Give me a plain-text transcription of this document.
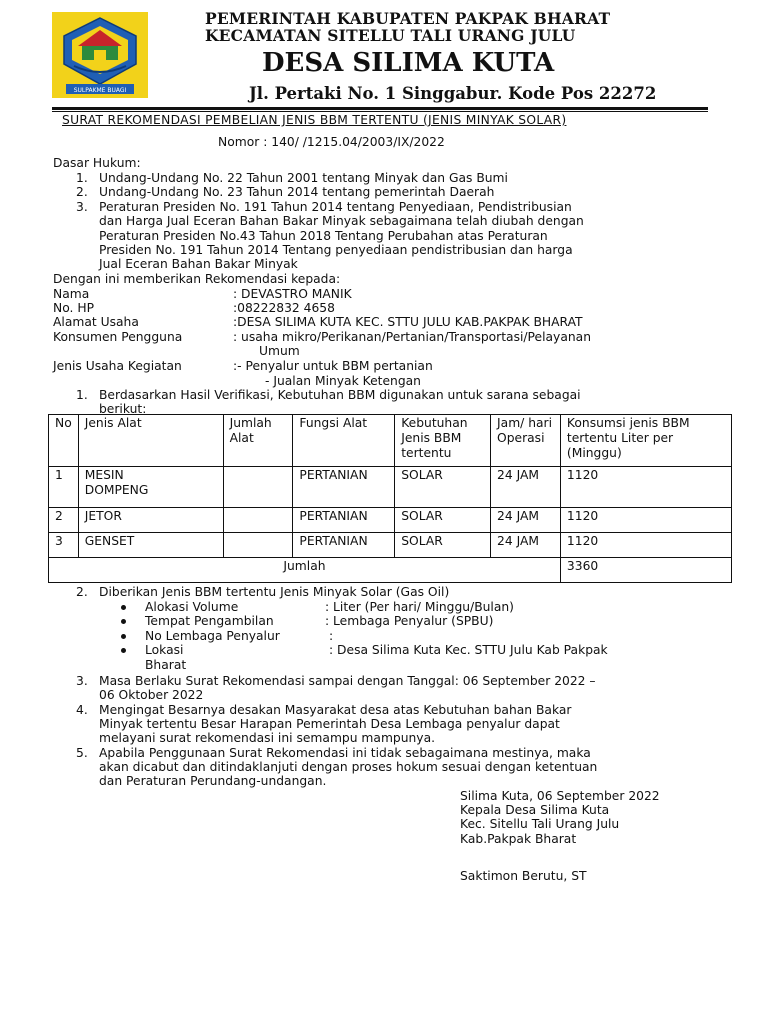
SULPAKME BUAGI
PEMERINTAH KABUPATEN PAKPAK BHARAT
KECAMATAN SITELLU TALI URANG JULU
DESA SILIMA KUTA
Jl. Pertaki No. 1 Singgabur. Kode Pos 22272
SURAT REKOMENDASI PEMBELIAN JENIS BBM TERTENTU (JENIS MINYAK SOLAR)
Nomor : 140/ /1215.04/2003/IX/2022
Dasar Hukum:
1. Undang-Undang No. 22 Tahun 2001 tentang Minyak dan Gas Bumi
2. Undang-Undang No. 23 Tahun 2014 tentang pemerintah Daerah
3. Peraturan Presiden No. 191 Tahun 2014 tentang Penyediaan, Pendistribusian
dan Harga Jual Eceran Bahan Bakar Minyak sebagaimana telah diubah dengan
Peraturan Presiden No.43 Tahun 2018 Tentang Perubahan atas Peraturan
Presiden No. 191 Tahun 2014 Tentang penyediaan pendistribusian dan harga
Jual Eceran Bahan Bakar Minyak
Dengan ini memberikan Rekomendasi kepada:
Nama	: DEVASTRO MANIK
No. HP	:08222832 4658
Alamat Usaha	:DESA SILIMA KUTA KEC. STTU JULU KAB.PAKPAK BHARAT
Konsumen Pengguna	: usaha mikro/Perikanan/Pertanian/Transportasi/Pelayanan
Umum
Jenis Usaha Kegiatan	:- Penyalur untuk BBM pertanian
- Jualan Minyak Ketengan
1. Berdasarkan Hasil Verifikasi, Kebutuhan BBM digunakan untuk sarana sebagai
berikut:
No	Jenis Alat	Jumlah Alat	Fungsi Alat	Kebutuhan Jenis BBM tertentu	Jam/ hari Operasi	Konsumsi jenis BBM tertentu Liter per (Minggu)
1	MESIN DOMPENG		PERTANIAN	SOLAR	24 JAM	1120
2	JETOR		PERTANIAN	SOLAR	24 JAM	1120
3	GENSET		PERTANIAN	SOLAR	24 JAM	1120
Jumlah						3360
2. Diberikan Jenis BBM tertentu Jenis Minyak Solar (Gas Oil)
Alokasi Volume	: Liter (Per hari/ Minggu/Bulan)
Tempat Pengambilan	: Lembaga Penyalur (SPBU)
No Lembaga Penyalur	:
Lokasi	: Desa Silima Kuta Kec. STTU Julu Kab Pakpak
Bharat
3. Masa Berlaku Surat Rekomendasi sampai dengan Tanggal: 06 September 2022 –
06 Oktober 2022
4. Mengingat Besarnya desakan Masyarakat desa atas Kebutuhan bahan Bakar
Minyak tertentu Besar Harapan Pemerintah Desa Lembaga penyalur dapat
melayani surat rekomendasi ini semampu mampunya.
5. Apabila Penggunaan Surat Rekomendasi ini tidak sebagaimana mestinya, maka
akan dicabut dan ditindaklanjuti dengan proses hokum sesuai dengan ketentuan
dan Peraturan Perundang-undangan.
Silima Kuta, 06 September 2022
Kepala Desa Silima Kuta
Kec. Sitellu Tali Urang Julu
Kab.Pakpak Bharat
Saktimon Berutu, ST
